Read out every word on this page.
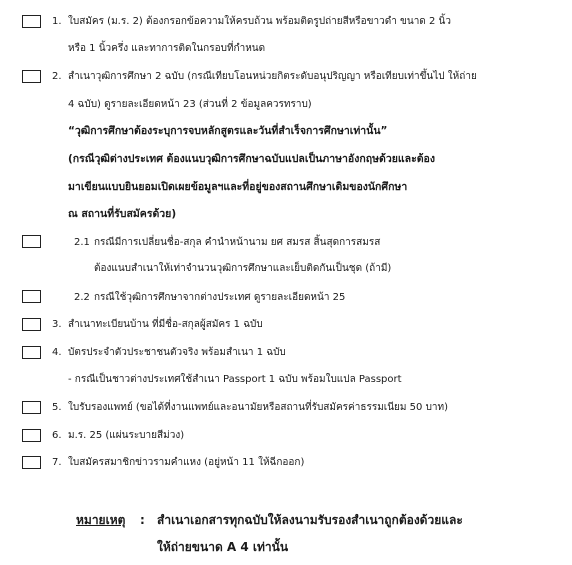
1. ใบสมัคร (ม.ร. 2) ต้องกรอกข้อความให้ครบถ้วน พร้อมติดรูปถ่ายสีหรือขาวดำ ขนาด 2 นิ้ว
หรือ 1 นิ้วครึ่ง และทาการติดในกรอบที่กำหนด
2. สำเนาวุฒิการศึกษา 2 ฉบับ (กรณีเทียบโอนหน่วยกิตระดับอนุปริญญา หรือเทียบเท่าขึ้นไป ให้ถ่าย
4 ฉบับ) ดูรายละเอียดหน้า 23 (ส่วนที่ 2 ข้อมูลควรทราบ)
“วุฒิการศึกษาต้องระบุการจบหลักสูตรและวันที่สำเร็จการศึกษาเท่านั้น”
(กรณีวุฒิต่างประเทศ ต้องแนบวุฒิการศึกษาฉบับแปลเป็นภาษาอังกฤษด้วยและต้อง
มาเขียนแบบยินยอมเปิดเผยข้อมูลฯและที่อยู่ของสถานศึกษาเดิมของนักศึกษา
ณ สถานที่รับสมัครด้วย)
2.1 กรณีมีการเปลี่ยนชื่อ-สกุล คำนำหน้านาม ยศ สมรส สิ้นสุดการสมรส
ต้องแนบสำเนาให้เท่าจำนวนวุฒิการศึกษาและเย็บติดกันเป็นชุด (ถ้ามี)
2.2 กรณีใช้วุฒิการศึกษาจากต่างประเทศ ดูรายละเอียดหน้า 25
3. สำเนาทะเบียนบ้าน ที่มีชื่อ-สกุลผู้สมัคร 1 ฉบับ
4. บัตรประจำตัวประชาชนตัวจริง พร้อมสำเนา 1 ฉบับ
- กรณีเป็นชาวต่างประเทศใช้สำเนา Passport 1 ฉบับ พร้อมใบแปล Passport
5. ใบรับรองแพทย์ (ขอได้ที่งานแพทย์และอนามัยหรือสถานที่รับสมัครค่าธรรมเนียม 50 บาท)
6. ม.ร. 25 (แผ่นระบายสีม่วง)
7. ใบสมัครสมาชิกข่าวรามคำแหง (อยู่หน้า 11 ให้ฉีกออก)
หมายเหตุ : สำเนาเอกสารทุกฉบับให้ลงนามรับรองสำเนาถูกต้องด้วยและ
ให้ถ่ายขนาด A 4 เท่านั้น
